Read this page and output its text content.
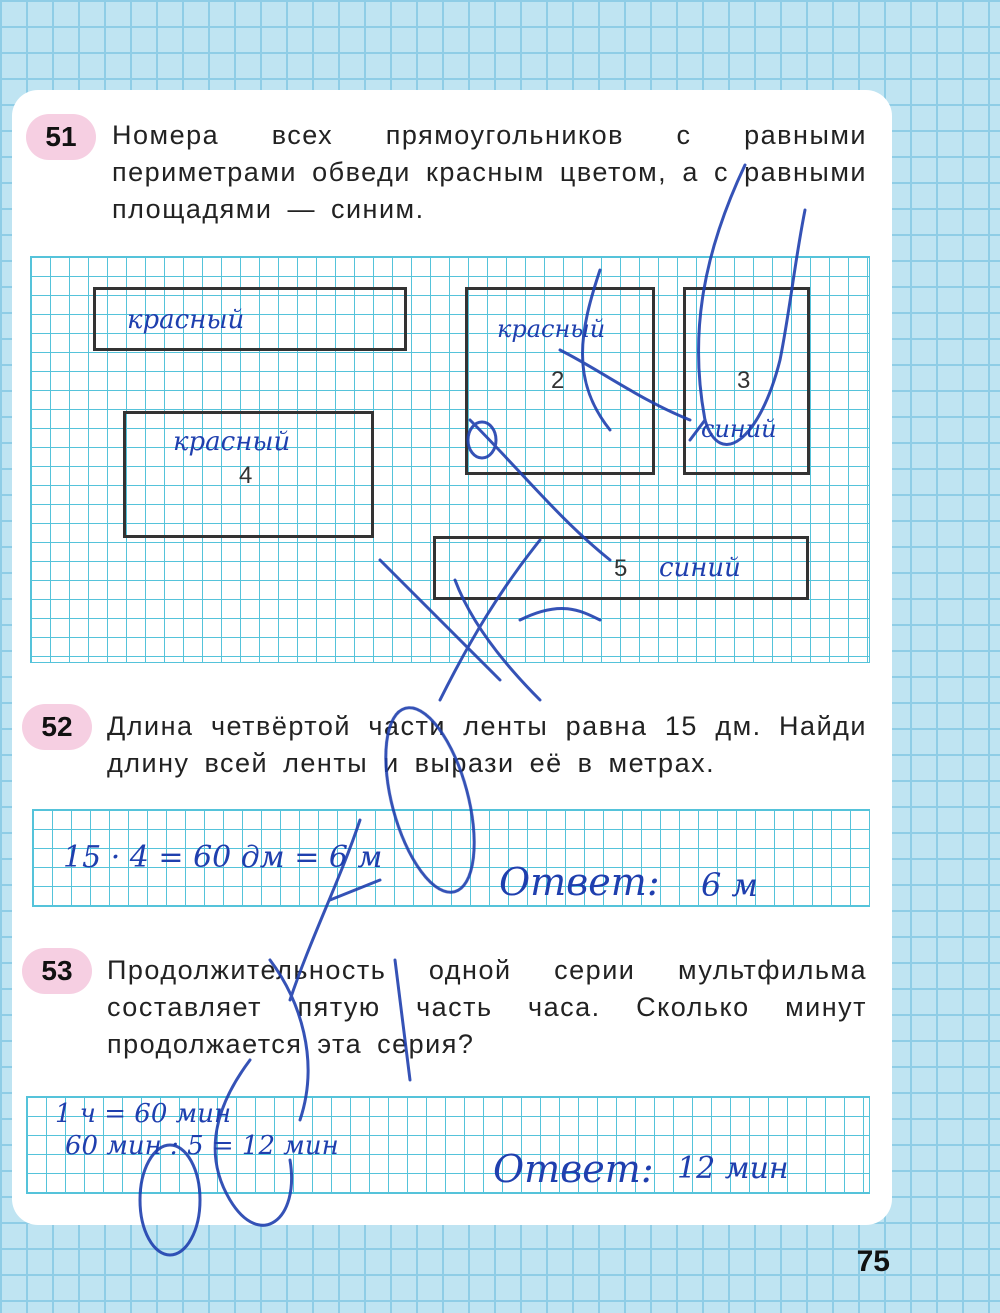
51	Номера всех прямоугольников с равными периметрами обведи красным цветом, а с равными площадями — синим.
2	3
4
5
красный	красный
синий
красный
синий
52	Длина четвёртой части ленты равна 15 дм. Найди длину всей ленты и вырази её в метрах.
15 · 4 = 60 дм = 6 м
Ответ: 6 м
53	Продолжительность одной серии мультфильма составляет пятую часть часа. Сколько минут продолжается эта серия?
1 ч = 60 мин
60 мин : 5 = 12 мин
Ответ: 12 мин
75
